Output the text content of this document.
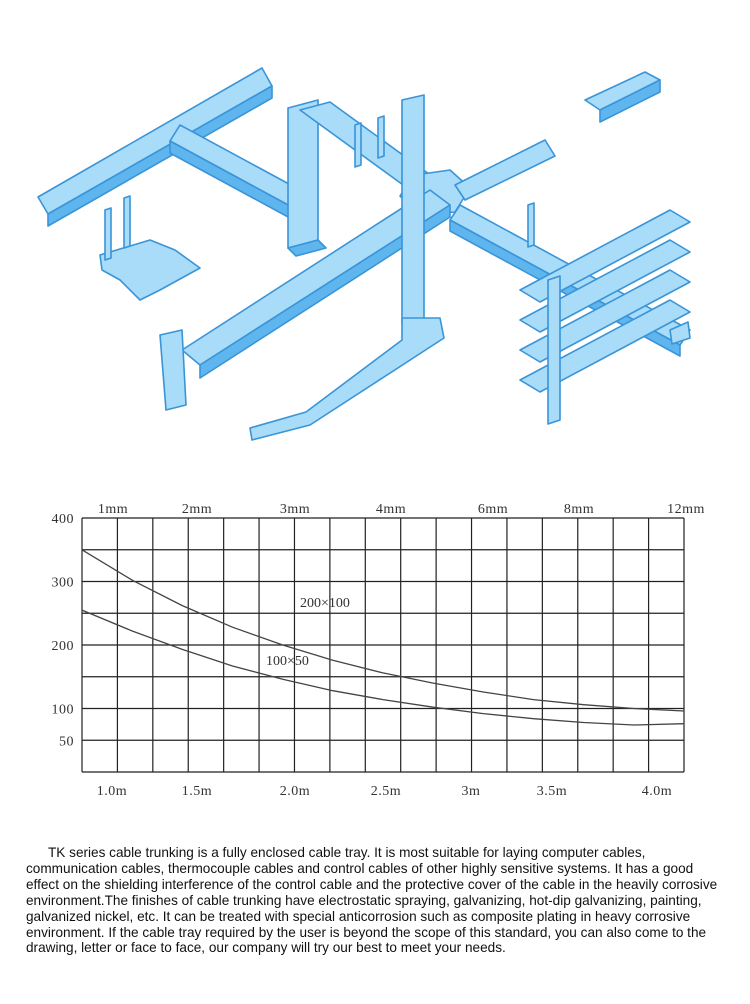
200×100
100×50
1.0m	1.5m	2.0m	2.5m	3m	3.5m	4.0m
1mm	2mm	3mm	4mm	6mm	8mm	12mm
400
300
200
100
50

TK series cable trunking is a fully enclosed cable tray. It is most suitable for laying computer cables, communication cables, thermocouple cables and control cables of other highly sensitive systems. It has a good effect on the shielding interference of the control cable and the protective cover of the cable in the heavily corrosive environment.The finishes of cable trunking have electrostatic spraying, galvanizing, hot-dip galvanizing, painting, galvanized nickel, etc. It can be treated with special anticorrosion such as composite plating in heavy corrosive environment. If the cable tray required by the user is beyond the scope of this standard, you can also come to the drawing, letter or face to face, our company will try our best to meet your needs.
